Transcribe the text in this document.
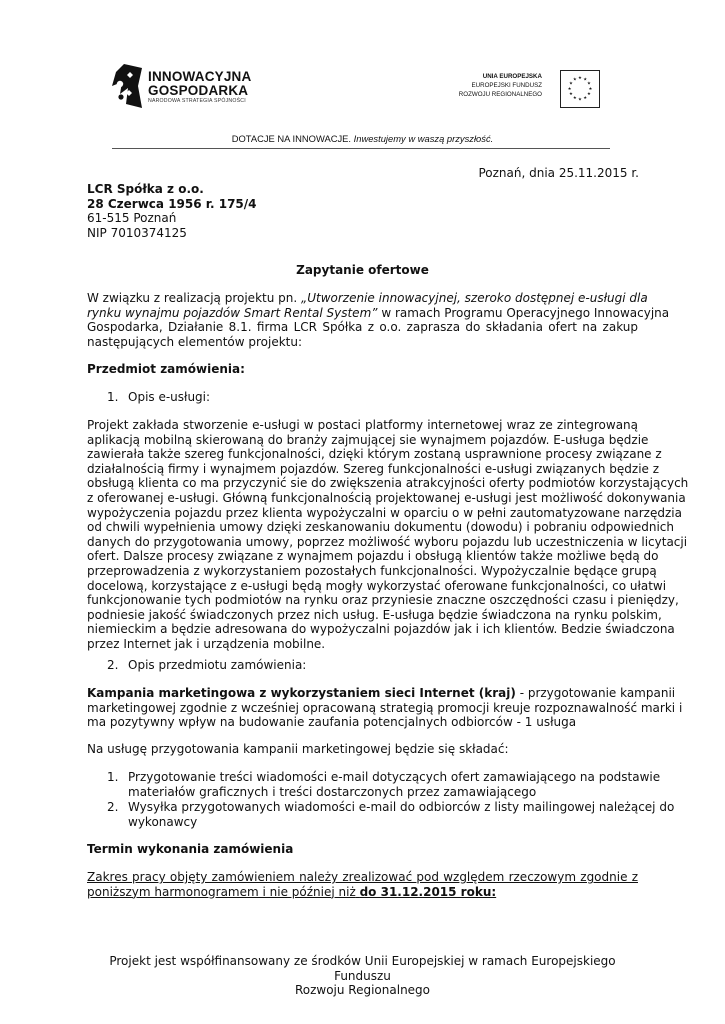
INNOWACYJNA
GOSPODARKA
NARODOWA STRATEGIA SPÓJNOŚCI
UNIA EUROPEJSKA
EUROPEJSKI FUNDUSZ
ROZWOJU REGIONALNEGO
★ ★
★
★
★
★
★
★
★
★
★
★
DOTACJE NA INNOWACJE. Inwestujemy w waszą przyszłość.
Poznań, dnia 25.11.2015 r.
LCR Spółka z o.o.
28 Czerwca 1956 r. 175/4
61-515 Poznań
NIP 7010374125
Zapytanie ofertowe
W związku z realizacją projektu pn. „Utworzenie innowacyjnej, szeroko dostępnej e-usługi dla
rynku wynajmu pojazdów Smart Rental System” w ramach Programu Operacyjnego Innowacyjna
Gospodarka, Działanie 8.1. firma LCR Spółka z o.o. zaprasza do składania ofert na zakup
następujących elementów projektu:
Przedmiot zamówienia:
1. Opis e-usługi:
Projekt zakłada stworzenie e-usługi w postaci platformy internetowej wraz ze zintegrowaną
aplikacją mobilną skierowaną do branży zajmującej sie wynajmem pojazdów. E-usługa będzie
zawierała także szereg funkcjonalności, dzięki którym zostaną usprawnione procesy związane z
działalnością firmy i wynajmem pojazdów. Szereg funkcjonalności e-usługi związanych będzie z
obsługą klienta co ma przyczynić sie do zwiększenia atrakcyjności oferty podmiotów korzystających
z oferowanej e-usługi. Główną funkcjonalnością projektowanej e-usługi jest możliwość dokonywania
wypożyczenia pojazdu przez klienta wypożyczalni w oparciu o w pełni zautomatyzowane narzędzia
od chwili wypełnienia umowy dzięki zeskanowaniu dokumentu (dowodu) i pobraniu odpowiednich
danych do przygotowania umowy, poprzez możliwość wyboru pojazdu lub uczestniczenia w licytacji
ofert. Dalsze procesy związane z wynajmem pojazdu i obsługą klientów także możliwe będą do
przeprowadzenia z wykorzystaniem pozostałych funkcjonalności. Wypożyczalnie będące grupą
docelową, korzystające z e-usługi będą mogły wykorzystać oferowane funkcjonalności, co ułatwi
funkcjonowanie tych podmiotów na rynku oraz przyniesie znaczne oszczędności czasu i pieniędzy,
podniesie jakość świadczonych przez nich usług. E-usługa będzie świadczona na rynku polskim,
niemieckim a będzie adresowana do wypożyczalni pojazdów jak i ich klientów. Bedzie świadczona
przez Internet jak i urządzenia mobilne.
2. Opis przedmiotu zamówienia:
Kampania marketingowa z wykorzystaniem sieci Internet (kraj) - przygotowanie kampanii
marketingowej zgodnie z wcześniej opracowaną strategią promocji kreuje rozpoznawalność marki i
ma pozytywny wpływ na budowanie zaufania potencjalnych odbiorców - 1 usługa
Na usługę przygotowania kampanii marketingowej będzie się składać:
1. Przygotowanie treści wiadomości e-mail dotyczących ofert zamawiającego na podstawie
materiałów graficznych i treści dostarczonych przez zamawiającego
2. Wysyłka przygotowanych wiadomości e-mail do odbiorców z listy mailingowej należącej do
wykonawcy
Termin wykonania zamówienia
Zakres pracy objęty zamówieniem należy zrealizować pod względem rzeczowym zgodnie z
poniższym harmonogramem i nie później niż do 31.12.2015 roku:
Projekt jest współfinansowany ze środków Unii Europejskiej w ramach Europejskiego Funduszu
Rozwoju Regionalnego
